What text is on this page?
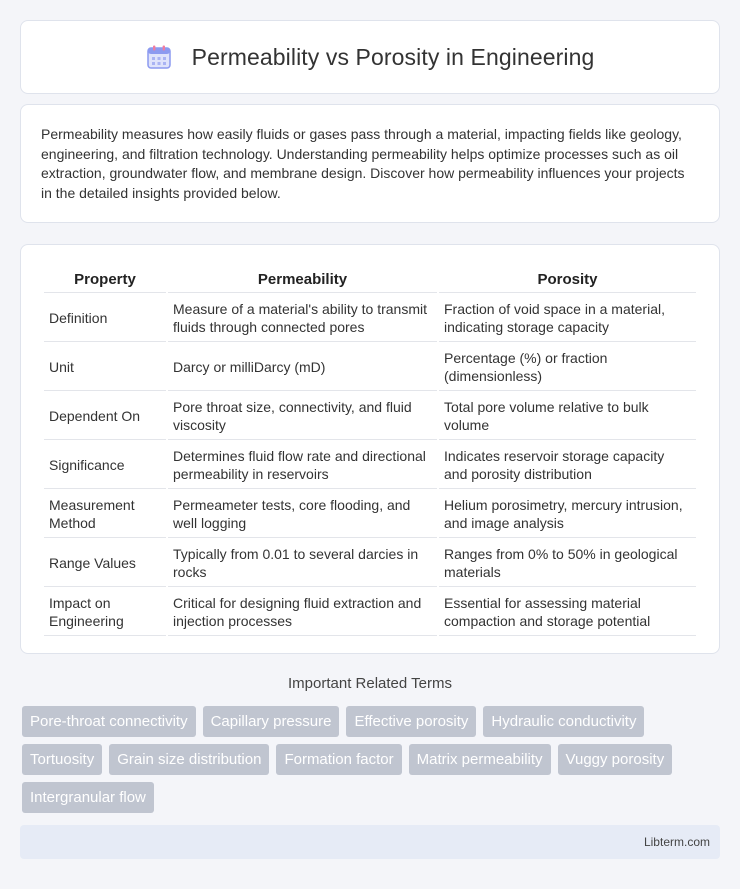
Permeability vs Porosity in Engineering

Permeability measures how easily fluids or gases pass through a material, impacting fields like geology, engineering, and filtration technology. Understanding permeability helps optimize processes such as oil extraction, groundwater flow, and membrane design. Discover how permeability influences your projects in the detailed insights provided below.

Property	Permeability	Porosity
Definition	Measure of a material's ability to transmit fluids through connected pores	Fraction of void space in a material, indicating storage capacity
Unit	Darcy or milliDarcy (mD)	Percentage (%) or fraction (dimensionless)
Dependent On	Pore throat size, connectivity, and fluid viscosity	Total pore volume relative to bulk volume
Significance	Determines fluid flow rate and directional permeability in reservoirs	Indicates reservoir storage capacity and porosity distribution
Measurement Method	Permeameter tests, core flooding, and well logging	Helium porosimetry, mercury intrusion, and image analysis
Range Values	Typically from 0.01 to several darcies in rocks	Ranges from 0% to 50% in geological materials
Impact on Engineering	Critical for designing fluid extraction and injection processes	Essential for assessing material compaction and storage potential
Important Related Terms
Pore-throat connectivity	Capillary pressure	Effective porosity	Hydraulic conductivity
Tortuosity	Grain size distribution	Formation factor	Matrix permeability	Vuggy porosity
Intergranular flow
Libterm.com
